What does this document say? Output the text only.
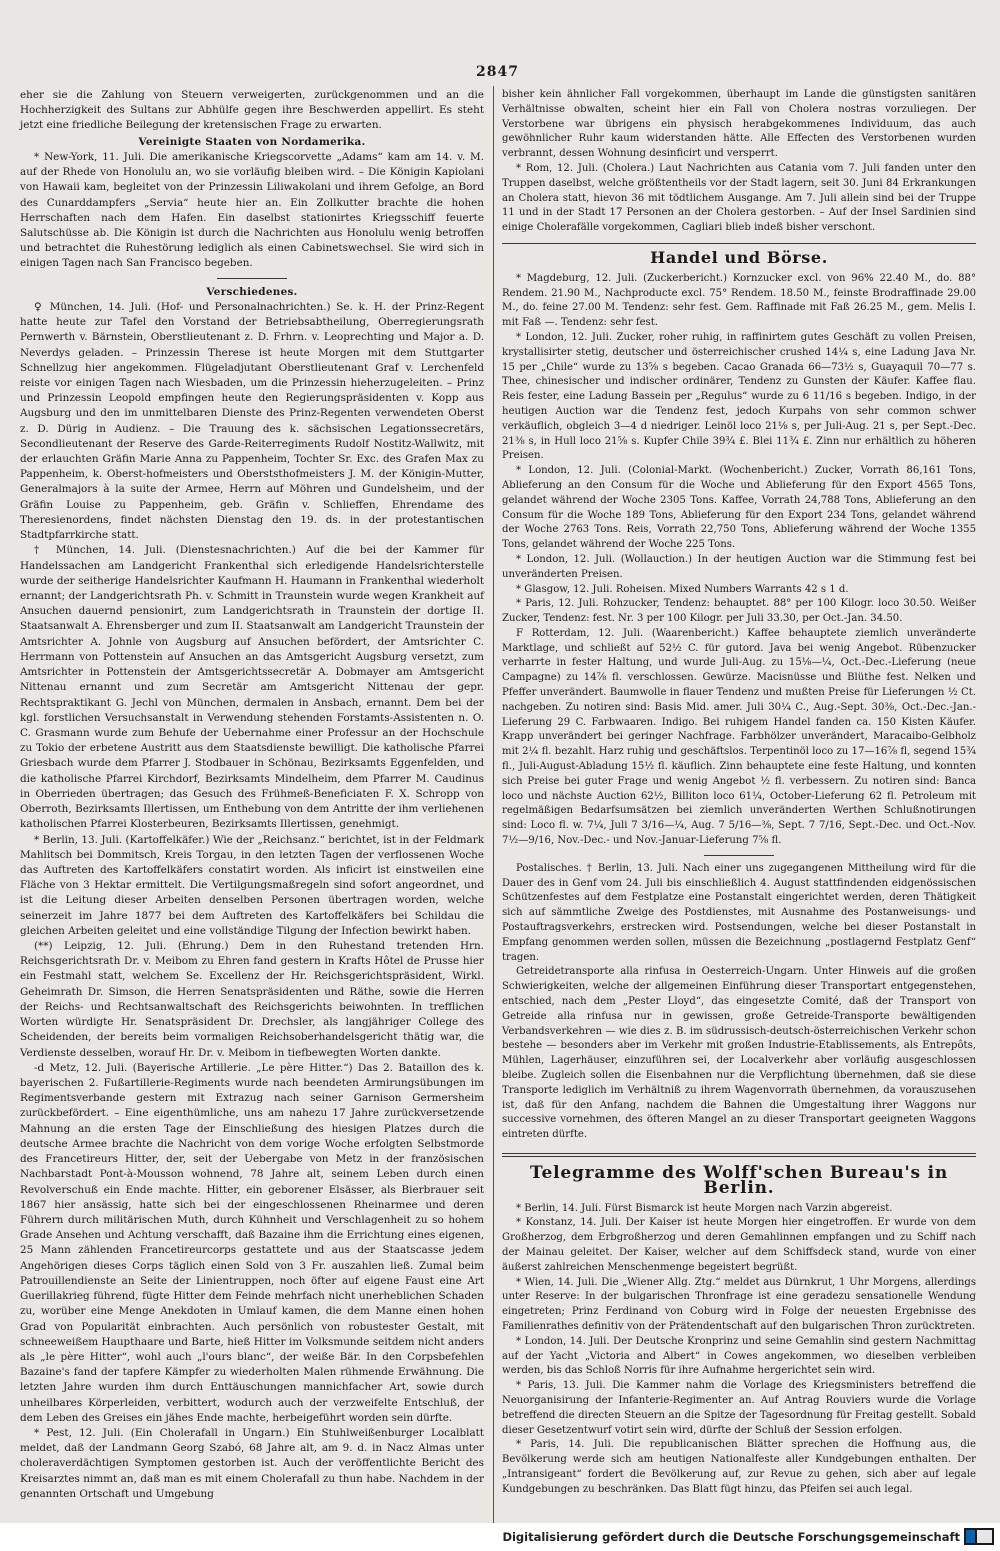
2847

eher sie die Zahlung von Steuern verweigerten, zurückgenommen und an die Hochherzigkeit des Sultans zur Abhülfe gegen ihre Beschwerden appellirt. Es steht jetzt eine friedliche Beilegung der kretensischen Frage zu erwarten.

Vereinigte Staaten von Nordamerika.

* New-York, 11. Juli. Die amerikanische Kriegscorvette „Adams“ kam am 14. v. M. auf der Rhede von Honolulu an, wo sie vorläufig bleiben wird. – Die Königin Kapiolani von Hawaii kam, begleitet von der Prinzessin Liliwakolani und ihrem Gefolge, an Bord des Cunarddampfers „Servia“ heute hier an. Ein Zollkutter brachte die hohen Herrschaften nach dem Hafen. Ein daselbst stationirtes Kriegsschiff feuerte Salutschüsse ab. Die Königin ist durch die Nachrichten aus Honolulu wenig betroffen und betrachtet die Ruhestörung lediglich als einen Cabinetswechsel. Sie wird sich in einigen Tagen nach San Francisco begeben.

Verschiedenes.

♀ München, 14. Juli. (Hof- und Personalnachrichten.) Se. k. H. der Prinz-Regent hatte heute zur Tafel den Vorstand der Betriebsabtheilung, Oberregierungsrath Pernwerth v. Bärnstein, Oberstlieutenant z. D. Frhrn. v. Leoprechting und Major a. D. Neverdys geladen. – Prinzessin Therese ist heute Morgen mit dem Stuttgarter Schnellzug hier angekommen. Flügeladjutant Oberstlieutenant Graf v. Lerchenfeld reiste vor einigen Tagen nach Wiesbaden, um die Prinzessin hieherzugeleiten. – Prinz und Prinzessin Leopold empfingen heute den Regierungspräsidenten v. Kopp aus Augsburg und den im unmittelbaren Dienste des Prinz-Regenten verwendeten Oberst z. D. Dürig in Audienz. – Die Trauung des k. sächsischen Legationssecretärs, Secondlieutenant der Reserve des Garde-Reiterregiments Rudolf Nostitz-Wallwitz, mit der erlauchten Gräfin Marie Anna zu Pappenheim, Tochter Sr. Exc. des Grafen Max zu Pappenheim, k. Oberst-hofmeisters und Oberststhofmeisters J. M. der Königin-Mutter, Generalmajors à la suite der Armee, Herrn auf Möhren und Gundelsheim, und der Gräfin Louise zu Pappenheim, geb. Gräfin v. Schlieffen, Ehrendame des Theresienordens, findet nächsten Dienstag den 19. ds. in der protestantischen Stadtpfarrkirche statt.

† München, 14. Juli. (Dienstesnachrichten.) Auf die bei der Kammer für Handelssachen am Landgericht Frankenthal sich erledigende Handelsrichterstelle wurde der seitherige Handelsrichter Kaufmann H. Haumann in Frankenthal wiederholt ernannt; der Landgerichtsrath Ph. v. Schmitt in Traunstein wurde wegen Krankheit auf Ansuchen dauernd pensionirt, zum Landgerichtsrath in Traunstein der dortige II. Staatsanwalt A. Ehrensberger und zum II. Staatsanwalt am Landgericht Traunstein der Amtsrichter A. Johnle von Augsburg auf Ansuchen befördert, der Amtsrichter C. Herrmann von Pottenstein auf Ansuchen an das Amtsgericht Augsburg versetzt, zum Amtsrichter in Pottenstein der Amtsgerichtssecretär A. Dobmayer am Amtsgericht Nittenau ernannt und zum Secretär am Amtsgericht Nittenau der gepr. Rechtspraktikant G. Jechl von München, dermalen in Ansbach, ernannt. Dem bei der kgl. forstlichen Versuchsanstalt in Verwendung stehenden Forstamts-Assistenten n. O. C. Grasmann wurde zum Behufe der Uebernahme einer Professur an der Hochschule zu Tokio der erbetene Austritt aus dem Staatsdienste bewilligt. Die katholische Pfarrei Griesbach wurde dem Pfarrer J. Stodbauer in Schönau, Bezirksamts Eggenfelden, und die katholische Pfarrei Kirchdorf, Bezirksamts Mindelheim, dem Pfarrer M. Caudinus in Oberrieden übertragen; das Gesuch des Frühmeß-Beneficiaten F. X. Schropp von Oberroth, Bezirksamts Illertissen, um Enthebung von dem Antritte der ihm verliehenen katholischen Pfarrei Klosterbeuren, Bezirksamts Illertissen, genehmigt.

* Berlin, 13. Juli. (Kartoffelkäfer.) Wie der „Reichsanz.“ berichtet, ist in der Feldmark Mahlitsch bei Dommitsch, Kreis Torgau, in den letzten Tagen der verflossenen Woche das Auftreten des Kartoffelkäfers constatirt worden. Als inficirt ist einstweilen eine Fläche von 3 Hektar ermittelt. Die Vertilgungsmaßregeln sind sofort angeordnet, und ist die Leitung dieser Arbeiten denselben Personen übertragen worden, welche seinerzeit im Jahre 1877 bei dem Auftreten des Kartoffelkäfers bei Schildau die gleichen Arbeiten geleitet und eine vollständige Tilgung der Infection bewirkt haben.

(**) Leipzig, 12. Juli. (Ehrung.) Dem in den Ruhestand tretenden Hrn. Reichsgerichtsrath Dr. v. Meibom zu Ehren fand gestern in Krafts Hôtel de Prusse hier ein Festmahl statt, welchem Se. Excellenz der Hr. Reichsgerichtspräsident, Wirkl. Geheimrath Dr. Simson, die Herren Senatspräsidenten und Räthe, sowie die Herren der Reichs- und Rechtsanwaltschaft des Reichsgerichts beiwohnten. In trefflichen Worten würdigte Hr. Senatspräsident Dr. Drechsler, als langjähriger College des Scheidenden, der bereits beim vormaligen Reichsoberhandelsgericht thätig war, die Verdienste desselben, worauf Hr. Dr. v. Meibom in tiefbewegten Worten dankte.

-d Metz, 12. Juli. (Bayerische Artillerie. „Le père Hitter.“) Das 2. Bataillon des k. bayerischen 2. Fußartillerie-Regiments wurde nach beendeten Armirungsübungen im Regimentsverbande gestern mit Extrazug nach seiner Garnison Germersheim zurückbefördert. – Eine eigenthümliche, uns am nahezu 17 Jahre zurückversetzende Mahnung an die ersten Tage der Einschließung des hiesigen Platzes durch die deutsche Armee brachte die Nachricht von dem vorige Woche erfolgten Selbstmorde des Francetireurs Hitter, der, seit der Uebergabe von Metz in der französischen Nachbarstadt Pont-à-Mousson wohnend, 78 Jahre alt, seinem Leben durch einen Revolverschuß ein Ende machte. Hitter, ein geborener Elsässer, als Bierbrauer seit 1867 hier ansässig, hatte sich bei der eingeschlossenen Rheinarmee und deren Führern durch militärischen Muth, durch Kühnheit und Verschlagenheit zu so hohem Grade Ansehen und Achtung verschafft, daß Bazaine ihm die Errichtung eines eigenen, 25 Mann zählenden Francetireurcorps gestattete und aus der Staatscasse jedem Angehörigen dieses Corps täglich einen Sold von 3 Fr. auszahlen ließ. Zumal beim Patrouillendienste an Seite der Linientruppen, noch öfter auf eigene Faust eine Art Guerillakrieg führend, fügte Hitter dem Feinde mehrfach nicht unerheblichen Schaden zu, worüber eine Menge Anekdoten in Umlauf kamen, die dem Manne einen hohen Grad von Popularität einbrachten. Auch persönlich von robustester Gestalt, mit schneeweißem Haupthaare und Barte, hieß Hitter im Volksmunde seitdem nicht anders als „le père Hitter“, wohl auch „l'ours blanc“, der weiße Bär. In den Corpsbefehlen Bazaine's fand der tapfere Kämpfer zu wiederholten Malen rühmende Erwähnung. Die letzten Jahre wurden ihm durch Enttäuschungen mannichfacher Art, sowie durch unheilbares Körperleiden, verbittert, wodurch auch der verzweifelte Entschluß, der dem Leben des Greises ein jähes Ende machte, herbeigeführt worden sein dürfte.

* Pest, 12. Juli. (Ein Cholerafall in Ungarn.) Ein Stuhlweißenburger Localblatt meldet, daß der Landmann Georg Szabó, 68 Jahre alt, am 9. d. in Nacz Almas unter choleraverdächtigen Symptomen gestorben ist. Auch der veröffentlichte Bericht des Kreisarztes nimmt an, daß man es mit einem Cholerafall zu thun habe. Nachdem in der genannten Ortschaft und Umgebung

bisher kein ähnlicher Fall vorgekommen, überhaupt im Lande die günstigsten sanitären Verhältnisse obwalten, scheint hier ein Fall von Cholera nostras vorzuliegen. Der Verstorbene war übrigens ein physisch herabgekommenes Individuum, das auch gewöhnlicher Ruhr kaum widerstanden hätte. Alle Effecten des Verstorbenen wurden verbrannt, dessen Wohnung desinficirt und versperrt.

* Rom, 12. Juli. (Cholera.) Laut Nachrichten aus Catania vom 7. Juli fanden unter den Truppen daselbst, welche größtentheils vor der Stadt lagern, seit 30. Juni 84 Erkrankungen an Cholera statt, hievon 36 mit tödtlichem Ausgange. Am 7. Juli allein sind bei der Truppe 11 und in der Stadt 17 Personen an der Cholera gestorben. – Auf der Insel Sardinien sind einige Cholerafälle vorgekommen, Cagliari blieb indeß bisher verschont.

Handel und Börse.

* Magdeburg, 12. Juli. (Zuckerbericht.) Kornzucker excl. von 96% 22.40 M., do. 88° Rendem. 21.90 M., Nachproducte excl. 75° Rendem. 18.50 M., feinste Brodraffinade 29.00 M., do. feine 27.00 M. Tendenz: sehr fest. Gem. Raffinade mit Faß 26.25 M., gem. Melis I. mit Faß —. Tendenz: sehr fest.

* London, 12. Juli. Zucker, roher ruhig, in raffinirtem gutes Geschäft zu vollen Preisen, krystallisirter stetig, deutscher und österreichischer crushed 14¼ s, eine Ladung Java Nr. 15 per „Chile“ wurde zu 13⅝ s begeben. Cacao Granada 66—73½ s, Guayaquil 70—77 s. Thee, chinesischer und indischer ordinärer, Tendenz zu Gunsten der Käufer. Kaffee flau. Reis fester, eine Ladung Bassein per „Regulus“ wurde zu 6 11/16 s begeben. Indigo, in der heutigen Auction war die Tendenz fest, jedoch Kurpahs von sehr common schwer verkäuflich, obgleich 3—4 d niedriger. Leinöl loco 21⅛ s, per Juli-Aug. 21 s, per Sept.-Dec. 21⅜ s, in Hull loco 21⅝ s. Kupfer Chile 39¾ £. Blei 11¾ £. Zinn nur erhältlich zu höheren Preisen.

* London, 12. Juli. (Colonial-Markt. (Wochenbericht.) Zucker, Vorrath 86,161 Tons, Ablieferung an den Consum für die Woche und Ablieferung für den Export 4565 Tons, gelandet während der Woche 2305 Tons. Kaffee, Vorrath 24,788 Tons, Ablieferung an den Consum für die Woche 189 Tons, Ablieferung für den Export 234 Tons, gelandet während der Woche 2763 Tons. Reis, Vorrath 22,750 Tons, Ablieferung während der Woche 1355 Tons, gelandet während der Woche 225 Tons.

* London, 12. Juli. (Wollauction.) In der heutigen Auction war die Stimmung fest bei unveränderten Preisen.

* Glasgow, 12. Juli. Roheisen. Mixed Numbers Warrants 42 s 1 d.

* Paris, 12. Juli. Rohzucker, Tendenz: behauptet. 88° per 100 Kilogr. loco 30.50. Weißer Zucker, Tendenz: fest. Nr. 3 per 100 Kilogr. per Juli 33.30, per Oct.-Jan. 34.50.

F Rotterdam, 12. Juli. (Waarenbericht.) Kaffee behauptete ziemlich unveränderte Marktlage, und schließt auf 52½ C. für gutord. Java bei wenig Angebot. Rübenzucker verharrte in fester Haltung, und wurde Juli-Aug. zu 15⅛—¼, Oct.-Dec.-Lieferung (neue Campagne) zu 14⅞ fl. verschlossen. Gewürze. Macisnüsse und Blüthe fest. Nelken und Pfeffer unverändert. Baumwolle in flauer Tendenz und mußten Preise für Lieferungen ½ Ct. nachgeben. Zu notiren sind: Basis Mid. amer. Juli 30¼ C., Aug.-Sept. 30⅜, Oct.-Dec.-Jan.-Lieferung 29 C. Farbwaaren. Indigo. Bei ruhigem Handel fanden ca. 150 Kisten Käufer. Krapp unverändert bei geringer Nachfrage. Farbhölzer unverändert, Maracaibo-Gelbholz mit 2¼ fl. bezahlt. Harz ruhig und geschäftslos. Terpentinöl loco zu 17—16⅞ fl, segend 15¾ fl., Juli-August-Abladung 15½ fl. käuflich. Zinn behauptete eine feste Haltung, und konnten sich Preise bei guter Frage und wenig Angebot ½ fl. verbessern. Zu notiren sind: Banca loco und nächste Auction 62½, Billiton loco 61¼, October-Lieferung 62 fl. Petroleum mit regelmäßigen Bedarfsumsätzen bei ziemlich unveränderten Werthen Schlußnotirungen sind: Loco fl. w. 7¼, Juli 7 3/16—¼, Aug. 7 5/16—⅜, Sept. 7 7/16, Sept.-Dec. und Oct.-Nov. 7½—9/16, Nov.-Dec.- und Nov.-Januar-Lieferung 7⅝ fl.

Postalisches. † Berlin, 13. Juli. Nach einer uns zugegangenen Mittheilung wird für die Dauer des in Genf vom 24. Juli bis einschließlich 4. August stattfindenden eidgenössischen Schützenfestes auf dem Festplatze eine Postanstalt eingerichtet werden, deren Thätigkeit sich auf sämmtliche Zweige des Postdienstes, mit Ausnahme des Postanweisungs- und Postauftragsverkehrs, erstrecken wird. Postsendungen, welche bei dieser Postanstalt in Empfang genommen werden sollen, müssen die Bezeichnung „postlagernd Festplatz Genf“ tragen.

Getreidetransporte alla rinfusa in Oesterreich-Ungarn. Unter Hinweis auf die großen Schwierigkeiten, welche der allgemeinen Einführung dieser Transportart entgegenstehen, entschied, nach dem „Pester Lloyd“, das eingesetzte Comité, daß der Transport von Getreide alla rinfusa nur in gewissen, große Getreide-Transporte bewältigenden Verbandsverkehren — wie dies z. B. im südrussisch-deutsch-österreichischen Verkehr schon bestehe — besonders aber im Verkehr mit großen Industrie-Etablissements, als Entrepôts, Mühlen, Lagerhäuser, einzuführen sei, der Localverkehr aber vorläufig ausgeschlossen bleibe. Zugleich sollen die Eisenbahnen nur die Verpflichtung übernehmen, daß sie diese Transporte lediglich im Verhältniß zu ihrem Wagenvorrath übernehmen, da vorauszusehen ist, daß für den Anfang, nachdem die Bahnen die Umgestaltung ihrer Waggons nur successive vornehmen, des öfteren Mangel an zu dieser Transportart geeigneten Waggons eintreten dürfte.

Telegramme des Wolff'schen Bureau's in Berlin.

* Berlin, 14. Juli. Fürst Bismarck ist heute Morgen nach Varzin abgereist.

* Konstanz, 14. Juli. Der Kaiser ist heute Morgen hier eingetroffen. Er wurde von dem Großherzog, dem Erbgroßherzog und deren Gemahlinnen empfangen und zu Schiff nach der Mainau geleitet. Der Kaiser, welcher auf dem Schiffsdeck stand, wurde von einer äußerst zahlreichen Menschenmenge begeistert begrüßt.

* Wien, 14. Juli. Die „Wiener Allg. Ztg.“ meldet aus Dürnkrut, 1 Uhr Morgens, allerdings unter Reserve: In der bulgarischen Thronfrage ist eine geradezu sensationelle Wendung eingetreten; Prinz Ferdinand von Coburg wird in Folge der neuesten Ergebnisse des Familienrathes definitiv von der Prätendentschaft auf den bulgarischen Thron zurücktreten.

* London, 14. Juli. Der Deutsche Kronprinz und seine Gemahlin sind gestern Nachmittag auf der Yacht „Victoria and Albert“ in Cowes angekommen, wo dieselben verbleiben werden, bis das Schloß Norris für ihre Aufnahme hergerichtet sein wird.

* Paris, 13. Juli. Die Kammer nahm die Vorlage des Kriegsministers betreffend die Neuorganisirung der Infanterie-Regimenter an. Auf Antrag Rouviers wurde die Vorlage betreffend die directen Steuern an die Spitze der Tagesordnung für Freitag gestellt. Sobald dieser Gesetzentwurf votirt sein wird, dürfte der Schluß der Session erfolgen.

* Paris, 14. Juli. Die republicanischen Blätter sprechen die Hoffnung aus, die Bevölkerung werde sich am heutigen Nationalfeste aller Kundgebungen enthalten. Der „Intransigeant“ fordert die Bevölkerung auf, zur Revue zu gehen, sich aber auf legale Kundgebungen zu beschränken. Das Blatt fügt hinzu, das Pfeifen sei auch legal.

Digitalisierung gefördert durch die Deutsche Forschungsgemeinschaft
